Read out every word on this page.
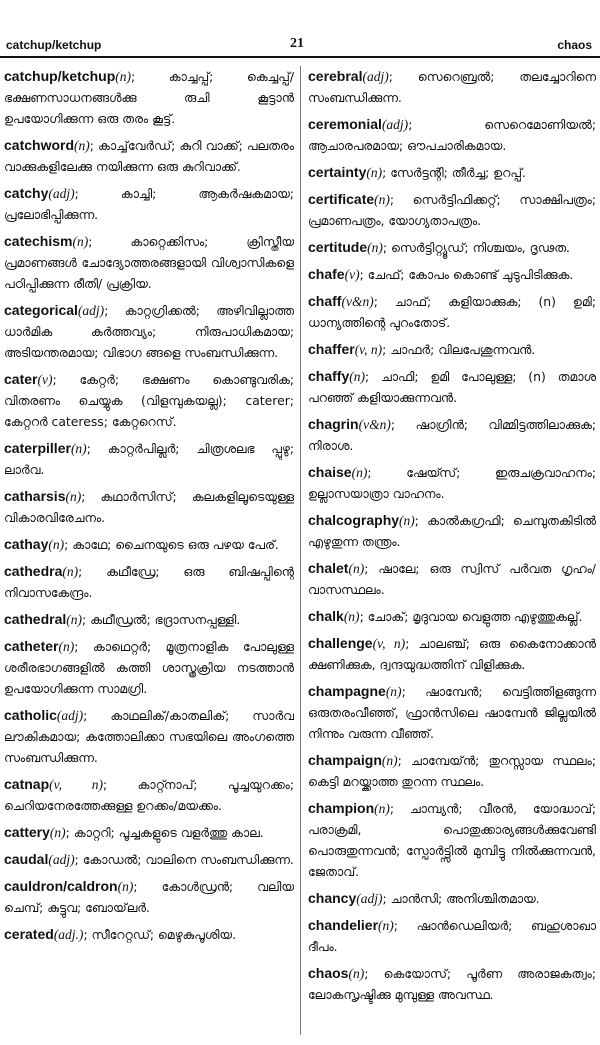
catchup/ketchup	21	chaos

catchup/ketchup(n); കാച്ചപ്പ്; കെച്ചപ്പ്/ ഭക്ഷണസാധനങ്ങൾക്കു രുചി കൂട്ടാൻ ഉപയോഗിക്കുന്ന ഒരു തരം കൂട്ട്.

catchword(n); കാച്ച്‌വേർഡ്; കുറി വാക്ക്; പലതരം വാക്കുകളിലേക്കു നയിക്കുന്ന ഒരു കുറിവാക്ക്.

catchy(adj); കാച്ചി; ആകർഷകമായ; പ്രലോഭിപ്പിക്കുന്ന.

catechism(n); കാറ്റെക്കിസം; ക്രിസ്തീയ പ്രമാണങ്ങൾ ചോദ്യോത്തരങ്ങളായി വിശ്വാസികളെ പഠിപ്പിക്കുന്ന രീതി/ പ്രക്രിയ.

categorical(adj); കാറ്റഗ്രിക്കൽ; അഴിവില്ലാത്ത ധാർമിക കർത്തവ്യം; നിരുപാധികമായ; അടിയന്തരമായ; വിഭാഗ ങ്ങളെ സംബന്ധിക്കുന്ന.

cater(v); കേറ്റർ; ഭക്ഷണം കൊണ്ടുവരിക; വിതരണം ചെയ്യുക (വിളമ്പുകയല്ല); caterer; കേറ്ററർ cateress; കേറ്ററെസ്.

caterpiller(n); കാറ്റർപില്ലർ; ചിത്രശലഭ പ്പുഴു; ലാർവ.

catharsis(n); കഥാർസിസ്; കലകളിലൂടെയുള്ള വികാരവിരേചനം.

cathay(n); കാഥേ; ചൈനയുടെ ഒരു പഴയ പേര്.

cathedra(n); കഥീഡ്രേ; ഒരു ബിഷപ്പിന്റെ നിവാസകേന്ദ്രം.

cathedral(n); കഥീഡ്രൽ; ഭദ്രാസനപ്പള്ളി.

catheter(n); കാഥെറ്റർ; മൂത്രനാളിക പോലുള്ള ശരീരഭാഗങ്ങളിൽ കത്തി ശാസ്ത്രക്രിയ നടത്താൻ ഉപയോഗിക്കുന്ന സാമഗ്രി.

catholic(adj); കാഥലിക്/കാതലിക്; സാർവ ലൗകികമായ; കത്തോലിക്കാ സഭയിലെ അംഗത്തെ സംബന്ധിക്കുന്ന.

catnap(v, n); കാറ്റ്നാപ്; പൂച്ചയുറക്കം; ചെറിയനേരത്തേക്കുള്ള ഉറക്കം/മയക്കം.

cattery(n); കാറ്ററി; പൂച്ചകളുടെ വളർത്തു കാല.

caudal(adj); കോഡൽ; വാലിനെ സംബന്ധിക്കുന്ന.

cauldron/caldron(n); കോൾഡ്രൻ; വലിയ ചെമ്പ്; കുട്ടുവ; ബോയ്‌ലർ.

cerated(adj.); സീറേറ്റഡ്; മെഴുകുപൂശിയ.

cerebral(adj); സെറെബ്രൽ; തലച്ചോറിനെ സംബന്ധിക്കുന്ന.

ceremonial(adj); സെറെമോണിയൽ; ആചാരപരമായ; ഔപചാരികമായ.

certainty(n); സേർട്ടന്റി; തീർച്ച; ഉറപ്പ്.

certificate(n); സെർട്ടിഫിക്കറ്റ്; സാക്ഷിപത്രം; പ്രമാണപത്രം, യോഗ്യതാപത്രം.

certitude(n); സെർട്ടിറ്റ്യൂഡ്; നിശ്ചയം, ദൃഢത.

chafe(v); ചേഫ്; കോപം കൊണ്ട് ചുടുപിടിക്കുക.

chaff(v&n); ചാഫ്; കളിയാക്കുക; (n) ഉമി; ധാന്യത്തിന്റെ പുറംതോട്.

chaffer(v, n); ചാഫർ; വിലപേശുന്നവൻ.

chaffy(n); ചാഫി; ഉമി പോലുള്ള; (n) തമാശ പറഞ്ഞ് കളിയാക്കുന്നവൻ.

chagrin(v&n); ഷാഗ്രിൻ; വിമ്മിട്ടത്തിലാക്കുക; നിരാശ.

chaise(n); ഷേയ്സ്; ഇരുചക്രവാഹനം; ഉല്ലാസയാത്രാ വാഹനം.

chalcography(n); കാൽകഗ്രഫി; ചെമ്പുതകിടിൽ എഴുതുന്ന തന്ത്രം.

chalet(n); ഷാലേ; ഒരു സ്വിസ് പർവത ഗൃഹം/ വാസസ്ഥലം.

chalk(n); ചോക്; മൃദുവായ വെളുത്ത എഴുത്തുകല്ല്.

challenge(v, n); ചാലഞ്ച്; ഒരു കൈനോക്കാൻ ക്ഷണിക്കുക, ദ്വന്ദയുദ്ധത്തിന് വിളിക്കുക.

champagne(n); ഷാമ്പേൻ; വെട്ടിത്തിളങ്ങുന്ന ഒരുതരംവീഞ്ഞ്, ഫ്രാൻസിലെ ഷാമ്പേൻ ജില്ലയിൽ നിന്നും വരുന്ന വീഞ്ഞ്.

champaign(n); ചാമ്പേയ്ൻ; തുറസ്സായ സ്ഥലം; കെട്ടി മറയ്ക്കാത്ത തുറന്ന സ്ഥലം.

champion(n); ചാമ്പ്യൻ; വീരൻ, യോദ്ധാവ്; പരാക്രമി, പൊതുക്കാര്യങ്ങൾക്കുവേണ്ടി പൊരുതുന്നവൻ; സ്പോർട്ട്സിൽ മുമ്പിട്ടു നിൽക്കുന്നവൻ, ജേതാവ്.

chancy(adj); ചാൻസി; അനിശ്ചിതമായ.

chandelier(n); ഷാൻഡെലിയർ; ബഹുശാഖാ ദീപം.

chaos(n); കെയോസ്; പൂർണ അരാജകത്വം; ലോകസൃഷ്ടിക്കു മുമ്പുള്ള അവസ്ഥ.
